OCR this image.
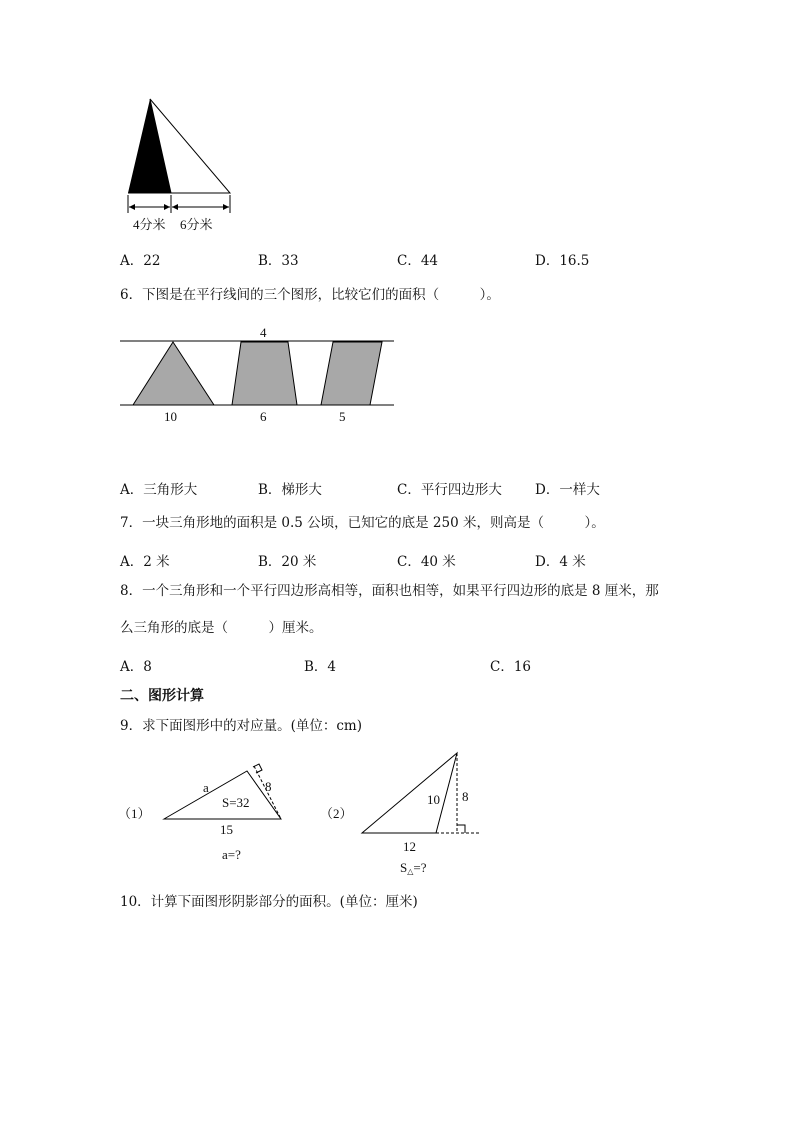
4分米 6分米
A．22	B．33	C．44	D．16.5
6．下图是在平行线间的三个图形，比较它们的面积（　　　）。
4
10	6	5
A．三角形大	B．梯形大	C．平行四边形大 D．一样大
7．一块三角形地的面积是 0.5 公顷，已知它的底是 250 米，则高是（　　　）。
A．2 米	B．20 米	C．40 米	D．4 米
8．一个三角形和一个平行四边形高相等，面积也相等，如果平行四边形的底是 8 厘米，那
么三角形的底是（　　　）厘米。
A．8	B．4	C．16
二、图形计算
9．求下面图形中的对应量。(单位：cm)
（1）
a	8
S=32
15
a=?
（2）
10 8
12
S△=?
10．计算下面图形阴影部分的面积。(单位：厘米)
